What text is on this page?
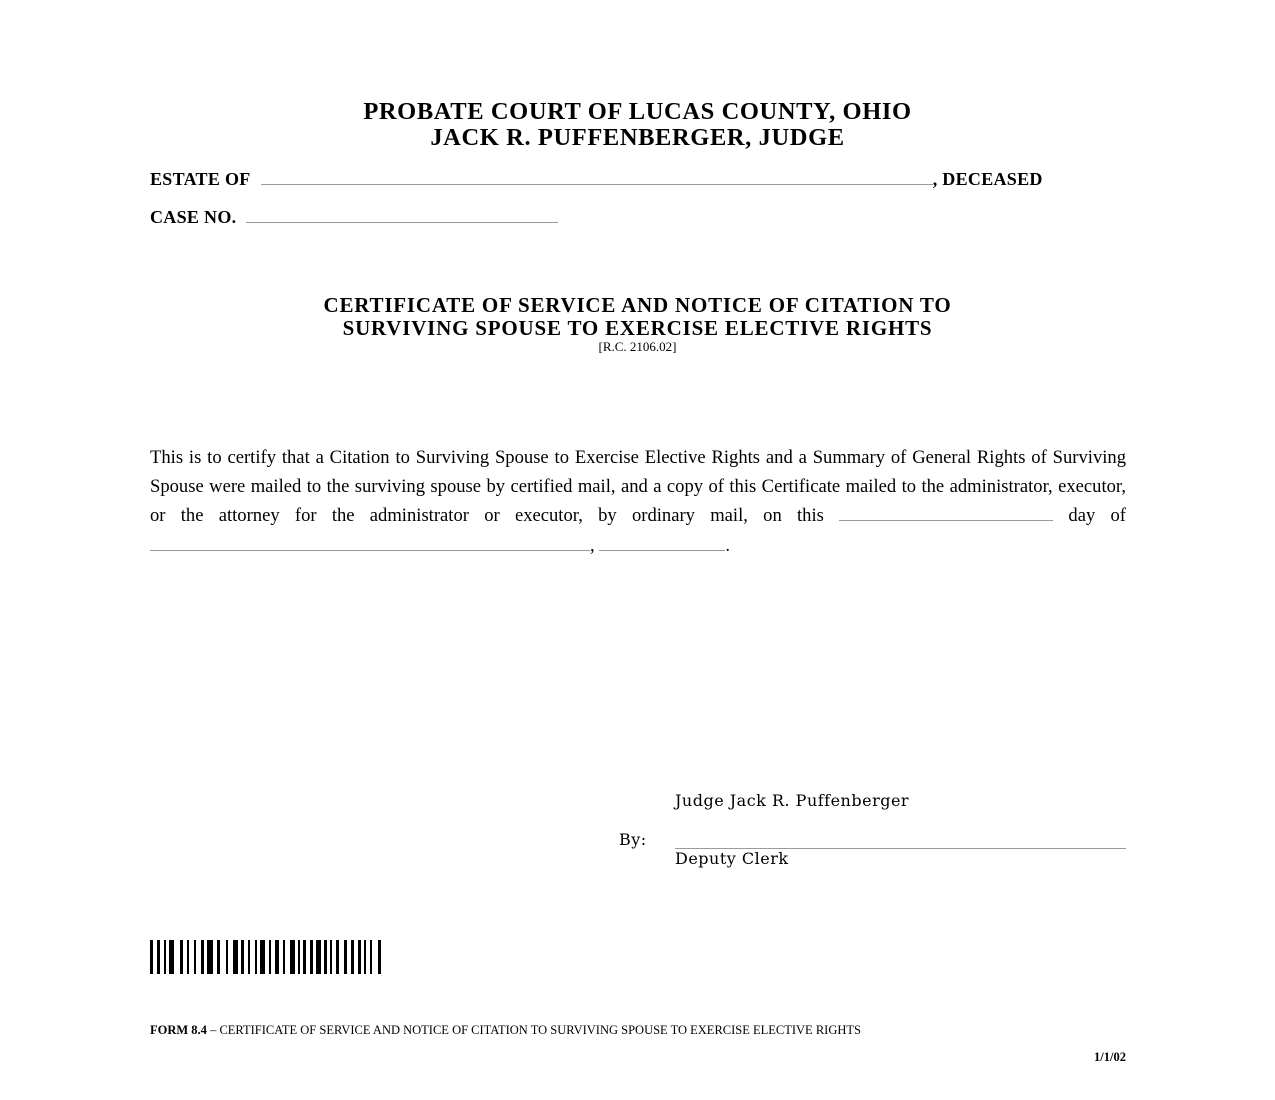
PROBATE COURT OF LUCAS COUNTY, OHIO
JACK R. PUFFENBERGER, JUDGE
ESTATE OF	, DECEASED
CASE NO.
CERTIFICATE OF SERVICE AND NOTICE OF CITATION TO
SURVIVING SPOUSE TO EXERCISE ELECTIVE RIGHTS
[R.C. 2106.02]

This is to certify that a Citation to Surviving Spouse to Exercise Elective Rights and a Summary of General Rights of Surviving Spouse were mailed to the surviving spouse by certified mail, and a copy of this Certificate mailed to the administrator, executor, or the attorney for the administrator or executor, by ordinary mail, on this	day of

,	.

Judge Jack R. Puffenberger
By:
Deputy Clerk
FORM 8.4 – CERTIFICATE OF SERVICE AND NOTICE OF CITATION TO SURVIVING SPOUSE TO EXERCISE ELECTIVE RIGHTS
1/1/02
